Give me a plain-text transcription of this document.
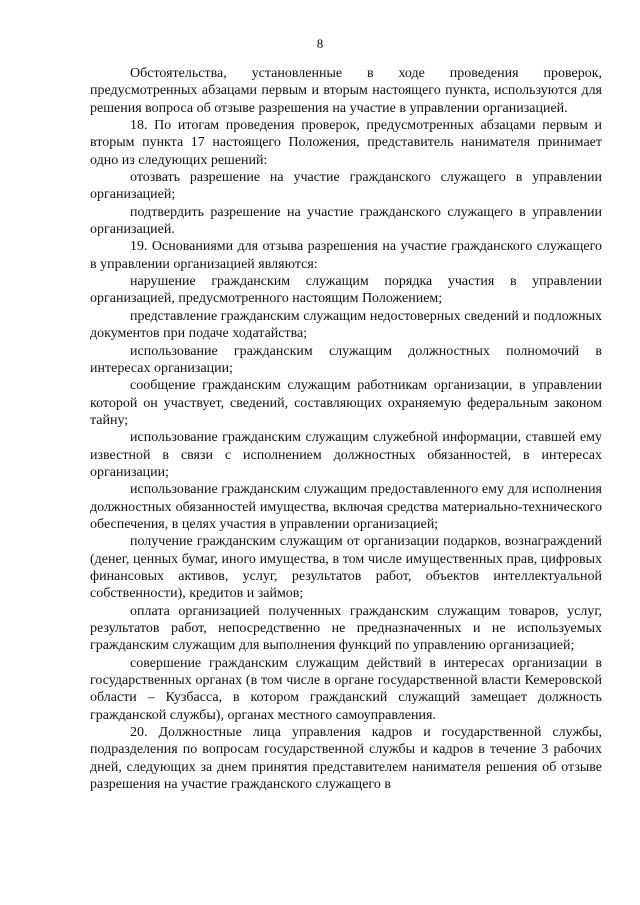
8

Обстоятельства, установленные в ходе проведения проверок, предусмотренных абзацами первым и вторым настоящего пункта, используются для решения вопроса об отзыве разрешения на участие в управлении организацией.

18. По итогам проведения проверок, предусмотренных абзацами первым и вторым пункта 17 настоящего Положения, представитель нанимателя принимает одно из следующих решений:

отозвать разрешение на участие гражданского служащего в управлении организацией;

подтвердить разрешение на участие гражданского служащего в управлении организацией.

19. Основаниями для отзыва разрешения на участие гражданского служащего в управлении организацией являются:

нарушение гражданским служащим порядка участия в управлении организацией, предусмотренного настоящим Положением;

представление гражданским служащим недостоверных сведений и подложных документов при подаче ходатайства;

использование гражданским служащим должностных полномочий в интересах организации;

сообщение гражданским служащим работникам организации, в управлении которой он участвует, сведений, составляющих охраняемую федеральным законом тайну;

использование гражданским служащим служебной информации, ставшей ему известной в связи с исполнением должностных обязанностей, в интересах организации;

использование гражданским служащим предоставленного ему для исполнения должностных обязанностей имущества, включая средства материально-технического обеспечения, в целях участия в управлении организацией;

получение гражданским служащим от организации подарков, вознаграждений (денег, ценных бумаг, иного имущества, в том числе имущественных прав, цифровых финансовых активов, услуг, результатов работ, объектов интеллектуальной собственности), кредитов и займов;

оплата организацией полученных гражданским служащим товаров, услуг, результатов работ, непосредственно не предназначенных и не используемых гражданским служащим для выполнения функций по управлению организацией;

совершение гражданским служащим действий в интересах организации в государственных органах (в том числе в органе государственной власти Кемеровской области – Кузбасса, в котором гражданский служащий замещает должность гражданской службы), органах местного самоуправления.

20. Должностные лица управления кадров и государственной службы, подразделения по вопросам государственной службы и кадров в течение 3 рабочих дней, следующих за днем принятия представителем нанимателя решения об отзыве разрешения на участие гражданского служащего в
